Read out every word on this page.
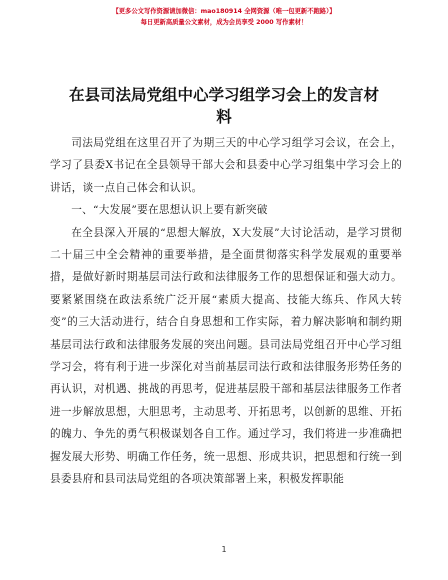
【更多公文写作资源请加微信：mao180914 全网资源（唯一包更新不跑路）】
每日更新高质量公文素材，成为会员享受 2000 写作素材！
在县司法局党组中心学习组学习会上的发言材料

司法局党组在这里召开了为期三天的中心学习组学习会议，在会上，学习了县委X书记在全县领导干部大会和县委中心学习组集中学习会上的讲话，谈一点自己体会和认识。

一、“大发展”要在思想认识上要有新突破

在全县深入开展的“思想大解放，X大发展”大讨论活动，是学习贯彻二十届三中全会精神的重要举措，是全面贯彻落实科学发展观的重要举措，是做好新时期基层司法行政和法律服务工作的思想保证和强大动力。要紧紧围绕在政法系统广泛开展“素质大提高、技能大练兵、作风大转变”的三大活动进行，结合自身思想和工作实际，着力解决影响和制约期基层司法行政和法律服务发展的突出问题。县司法局党组召开中心学习组学习会，将有利于进一步深化对当前基层司法行政和法律服务形势任务的再认识，对机遇、挑战的再思考，促进基层股干部和基层法律服务工作者进一步解放思想，大胆思考，主动思考、开拓思考，以创新的思维、开拓的魄力、争先的勇气积极谋划各自工作。通过学习，我们将进一步准确把握发展大形势、明确工作任务，统一思想、形成共识，把思想和行统一到县委县府和县司法局党组的各项决策部署上来，积极发挥职能

1
